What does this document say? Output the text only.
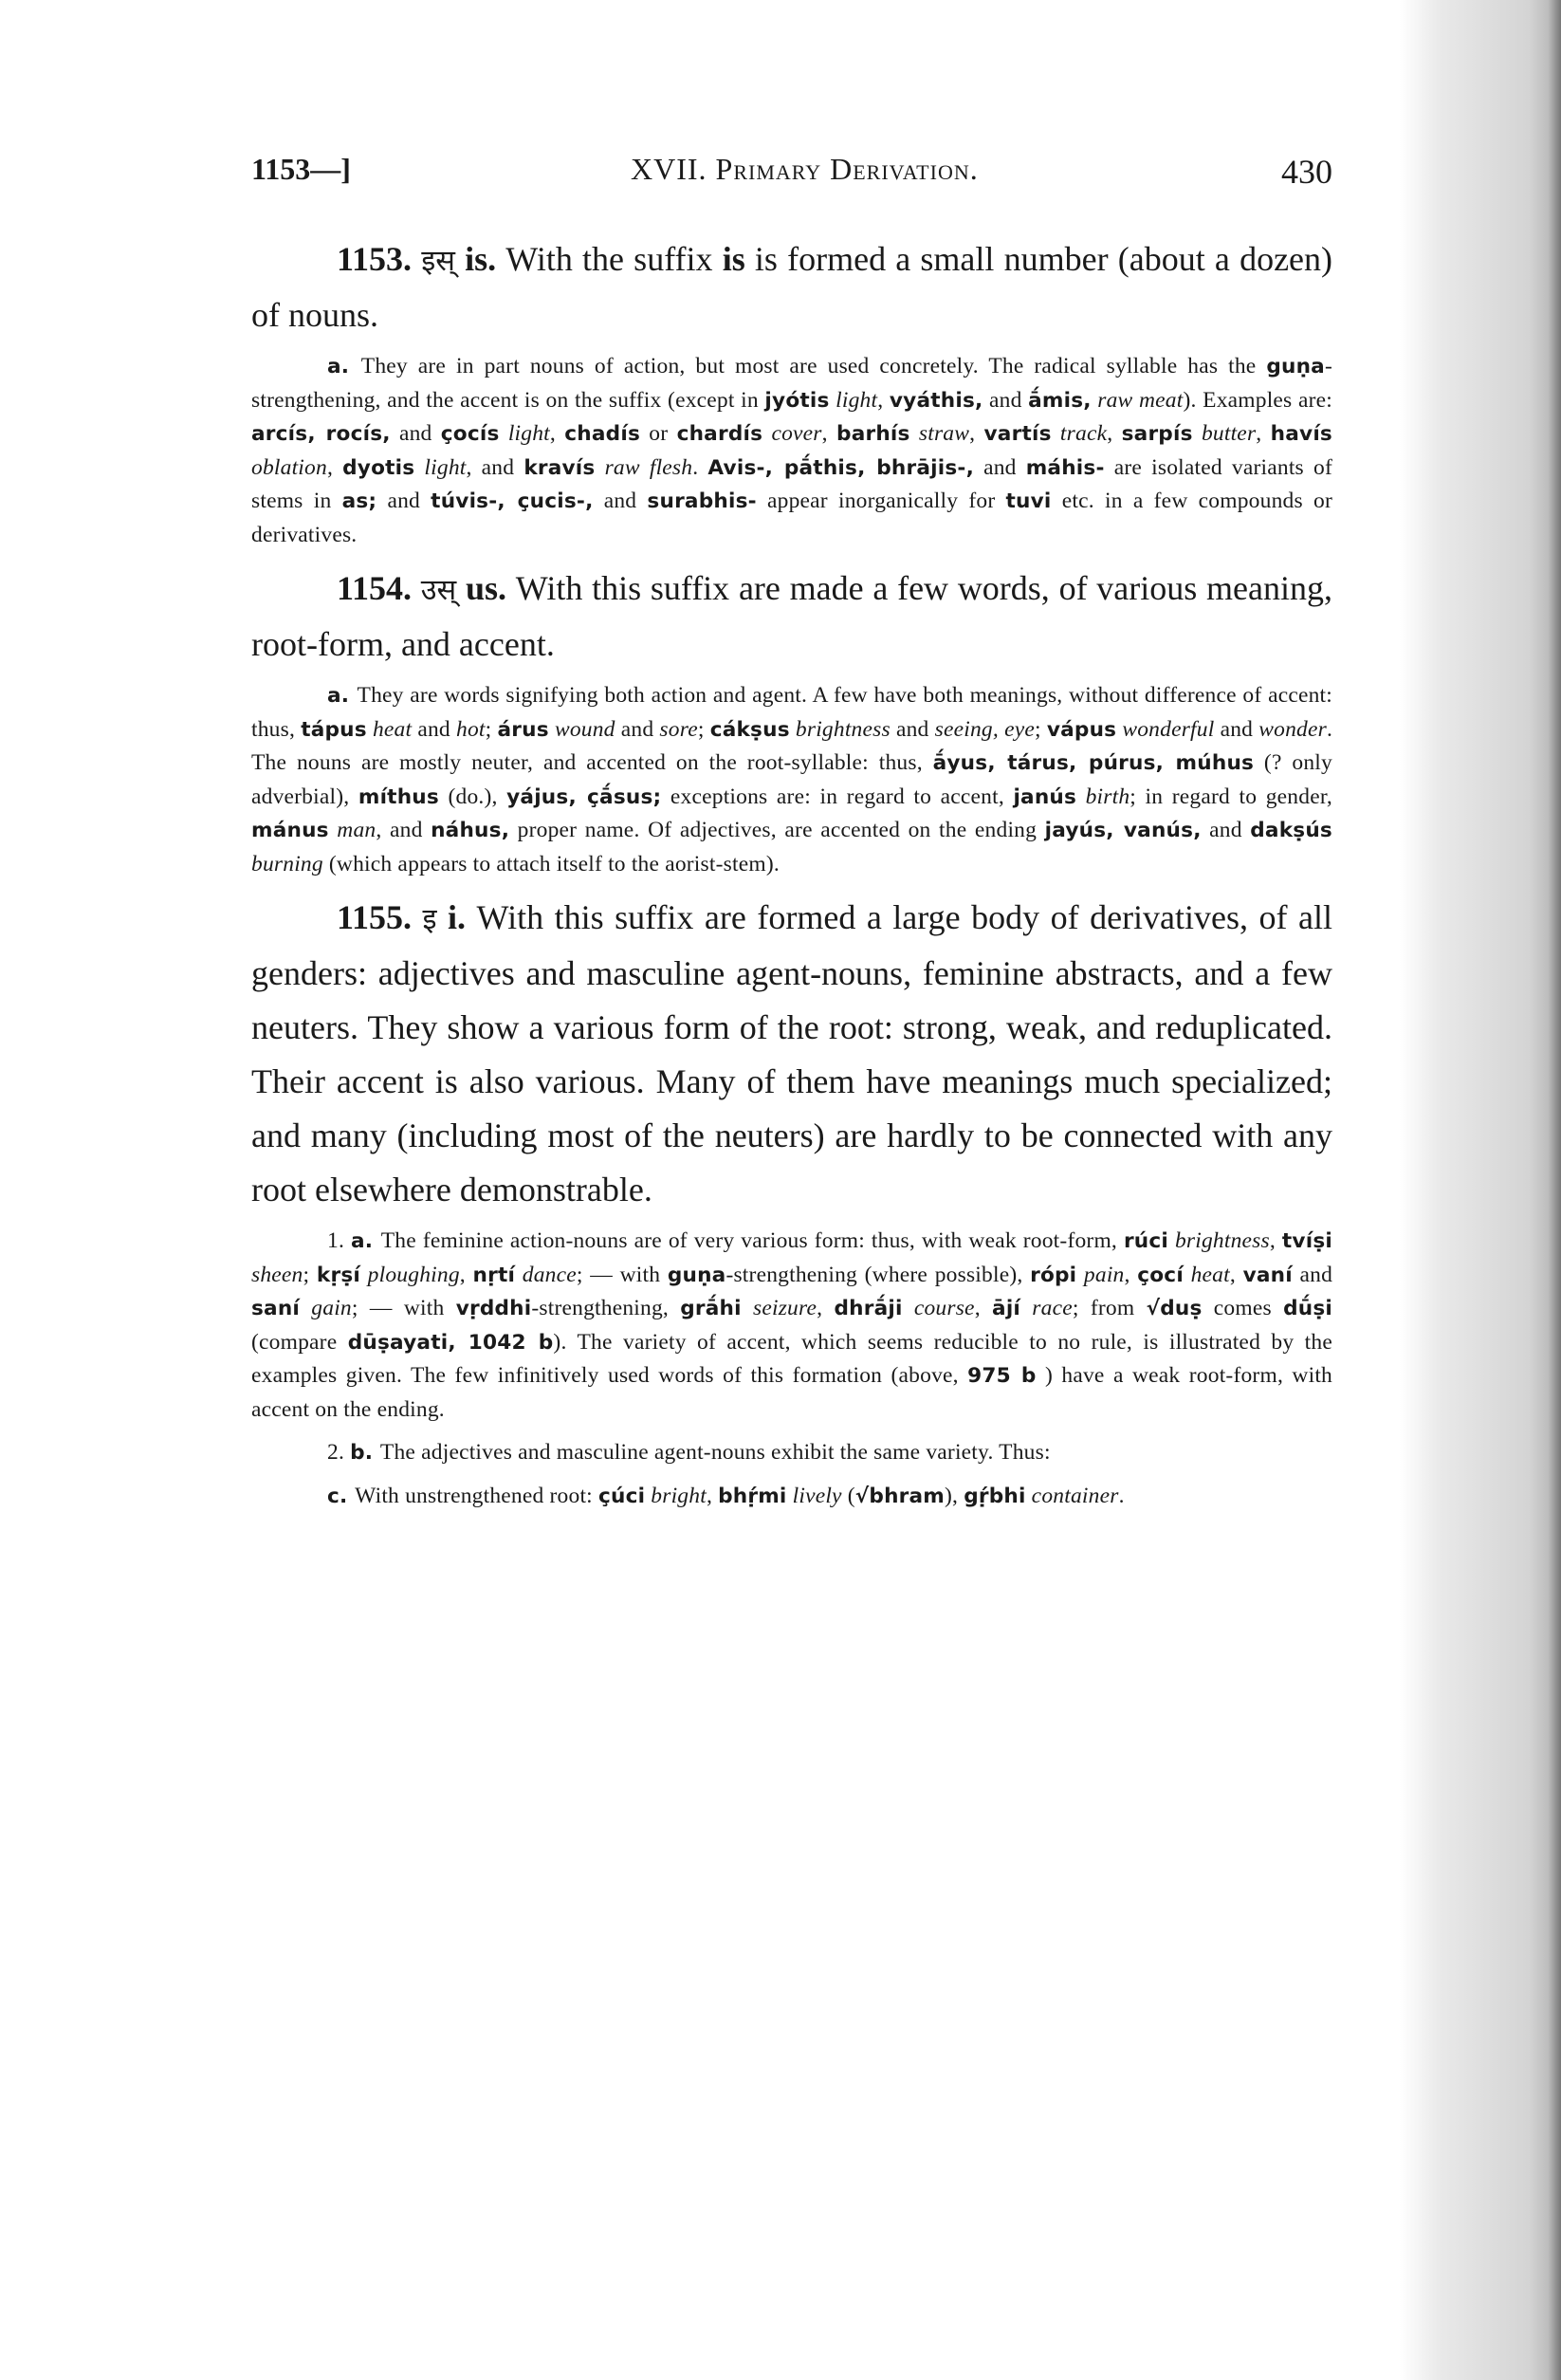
1153—]	XVII. Primary Derivation.	430

1153. इस् is. With the suffix is is formed a small number (about a dozen) of nouns.

a. They are in part nouns of action, but most are used concretely. The radical syllable has the guṇa-strengthening, and the accent is on the suffix (except in jyótis light, vyáthis, and ā́mis, raw meat). Examples are: arcís, rocís, and çocís light, chadís or chardís cover, barhís straw, vartís track, sarpís butter, havís oblation, dyotis light, and kravís raw flesh. Avis-, pā́this, bhrājis-, and máhis- are isolated variants of stems in as; and túvis-, çucis-, and surabhis- appear inorganically for tuvi etc. in a few compounds or derivatives.

1154. उस् us. With this suffix are made a few words, of various meaning, root-form, and accent.

a. They are words signifying both action and agent. A few have both meanings, without difference of accent: thus, tápus heat and hot; árus wound and sore; cákṣus brightness and seeing, eye; vápus wonderful and wonder. The nouns are mostly neuter, and accented on the root-syllable: thus, ā́yus, tárus, púrus, múhus (? only adverbial), míthus (do.), yájus, çā́sus; exceptions are: in regard to accent, janús birth; in regard to gender, mánus man, and náhus, proper name. Of adjectives, are accented on the ending jayús, vanús, and dakṣús burning (which appears to attach itself to the aorist-stem).

1155. इ i. With this suffix are formed a large body of derivatives, of all genders: adjectives and masculine agent-nouns, feminine abstracts, and a few neuters. They show a various form of the root: strong, weak, and reduplicated. Their accent is also various. Many of them have meanings much specialized; and many (including most of the neuters) are hardly to be connected with any root elsewhere demonstrable.

1. a. The feminine action-nouns are of very various form: thus, with weak root-form, rúci brightness, tvíṣi sheen; kṛṣí ploughing, nṛtí dance; — with guṇa-strengthening (where possible), rópi pain, çocí heat, vaní and saní gain; — with vṛddhi-strengthening, grā́hi seizure, dhrā́ji course, ājí race; from √duṣ comes dū́ṣi (compare dūṣayati, 1042 b). The variety of accent, which seems reducible to no rule, is illustrated by the examples given. The few infinitively used words of this formation (above, 975 b ) have a weak root-form, with accent on the ending.

2. b. The adjectives and masculine agent-nouns exhibit the same variety. Thus:

c. With unstrengthened root: çúci bright, bhṛ́mi lively (√bhram), gṛ́bhi container.
